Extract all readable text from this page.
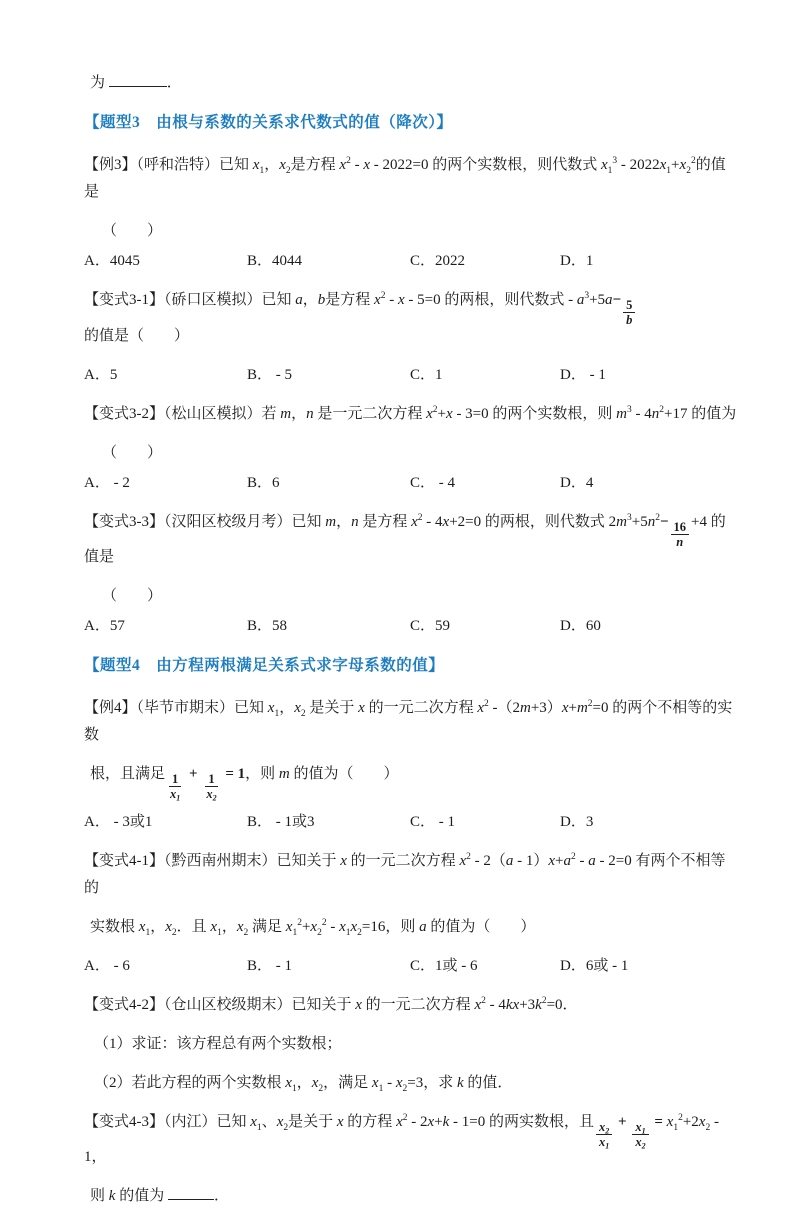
为	．
【题型3　由根与系数的关系求代数式的值（降次）】
【例3】（呼和浩特）已知 $x_1$，$x_2$是方程 $x^2 - x - 2022=0$ 的两个实数根，则代数式 $x_1^3 - 2022x_1+x_2^2$的值是
（　　）
A．4045	B．4044	C．2022	D．1
【变式3-1】（硚口区模拟）已知 a，b是方程 $x^2 - x - 5=0$ 的两根，则代数式 - $a^3+5a-$
$\frac{5}{b}$
的值是（　　）
A．5	B． - 5	C．1	D． - 1
【变式3-2】（松山区模拟）若 m，n 是一元二次方程 $x^2+x - 3=0$ 的两个实数根，则 $m^3 - 4n^2+17$ 的值为
（　　）
A． - 2	B．6	C． - 4	D．4
【变式3-3】（汉阳区校级月考）已知 m，n 是方程 $x^2 - 4x+2=0$ 的两根，则代数式 $2m^3+5n^2-$
$\frac{16}{n}$
+4 的值是
（　　）
A．57	B．58	C．59	D．60
【题型4　由方程两根满足关系式求字母系数的值】
【例4】（毕节市期末）已知 $x_1$，$x_2$ 是关于 x 的一元二次方程 $x^2$ $-(2m+3)x+m^2=0$ 的两个不相等的实数
根，且满足
$\frac{1}{x_1}$
+
$\frac{1}{x_2}$
= 1，则 m 的值为（　　）
A． - 3或1	B． - 1或3	C． - 1	D．3
【变式4-1】（黔西南州期末）已知关于 x 的一元二次方程 $x^2 - 2(a - 1)x+a^2 - a - 2=0$ 有两个不相等的
实数根 $x_1$，$x_2$．且 $x_1$，$x_2$ 满足 $x_1^2+x_2^2 - x_1x_2=16$，则 a 的值为（　　）
A． - 6	B． - 1	C．1或 - 6	D．6或 - 1
【变式4-2】（仓山区校级期末）已知关于 x 的一元二次方程 $x^2 - 4kx+3k^2=0$．
（1）求证：该方程总有两个实数根；
（2）若此方程的两个实数根 $x_1$，$x_2$，满足 $x_1 - x_2=3$，求 k 的值．
【变式4-3】（内江）已知 $x_1$、$x_2$是关于 x 的方程 $x^2 - 2x+k - 1=0$ 的两实数根，且
$\frac{x_2}{x_1}$
+
$\frac{x_1}{x_2}$
= $x_1^2+2x_2 - 1$，
则 k 的值为	．
